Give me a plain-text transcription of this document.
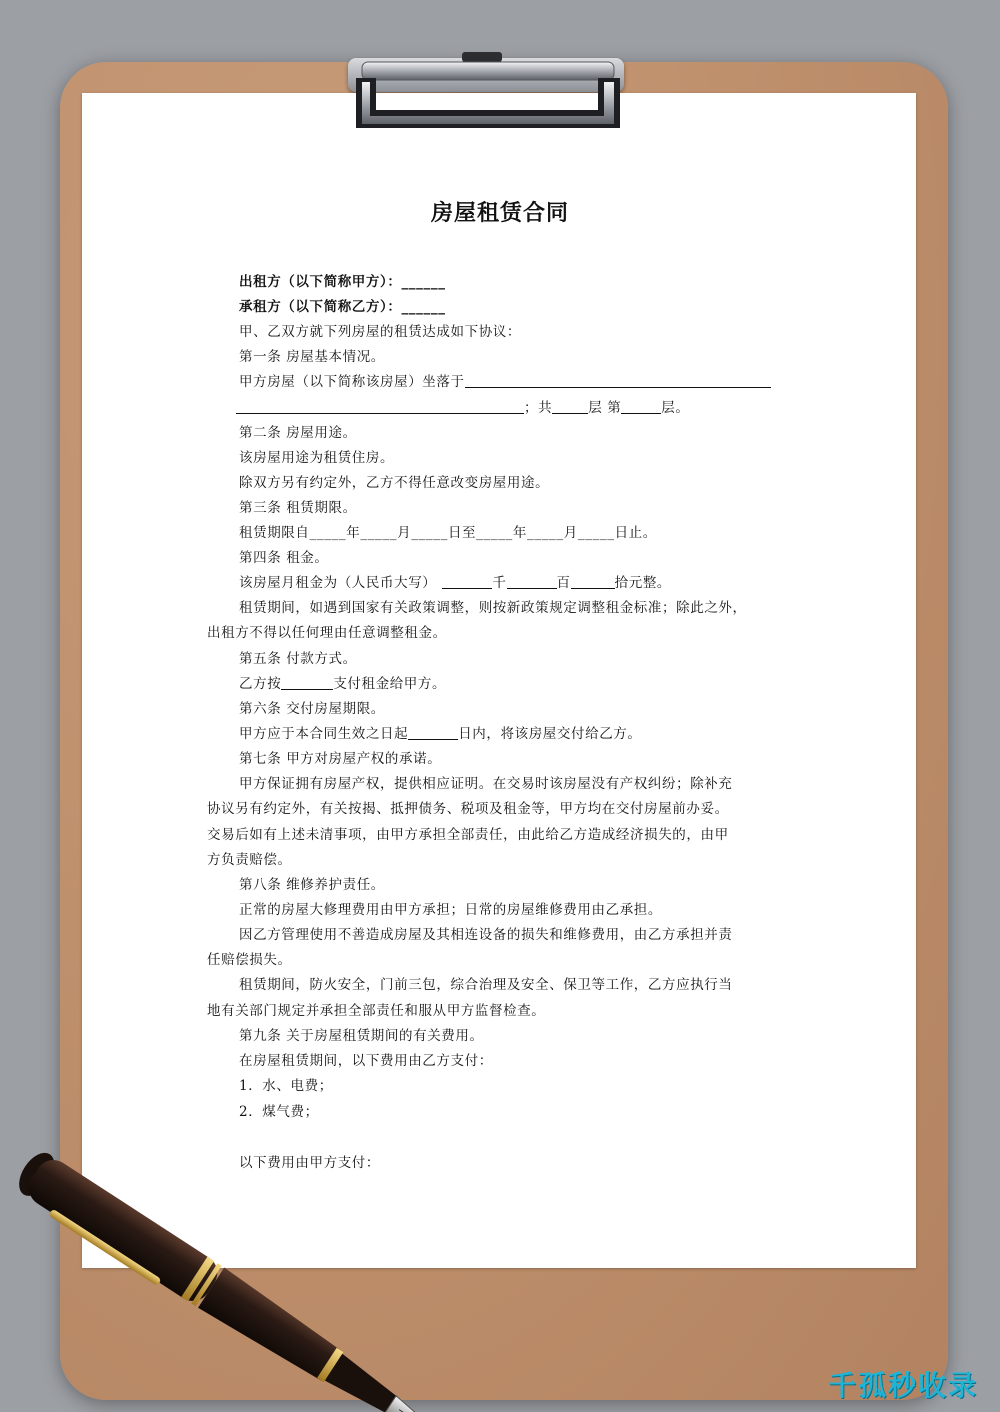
房屋租赁合同
出租方（以下简称甲方）：______
承租方（以下简称乙方）：______
甲、乙双方就下列房屋的租赁达成如下协议：
第一条 房屋基本情况。
甲方房屋（以下简称该房屋）坐落于
；共	层 第	层。
第二条 房屋用途。
该房屋用途为租赁住房。
除双方另有约定外，乙方不得任意改变房屋用途。
第三条 租赁期限。
租赁期限自_____年_____月_____日至_____年_____月_____日止。
第四条 租金。
该房屋月租金为（人民币大写）	千	百	拾元整。
租赁期间，如遇到国家有关政策调整，则按新政策规定调整租金标准；除此之外，
出租方不得以任何理由任意调整租金。
第五条 付款方式。
乙方按	支付租金给甲方。
第六条 交付房屋期限。
甲方应于本合同生效之日起	日内，将该房屋交付给乙方。
第七条 甲方对房屋产权的承诺。
甲方保证拥有房屋产权，提供相应证明。在交易时该房屋没有产权纠纷；除补充
协议另有约定外，有关按揭、抵押债务、税项及租金等，甲方均在交付房屋前办妥。
交易后如有上述未清事项，由甲方承担全部责任，由此给乙方造成经济损失的，由甲
方负责赔偿。
第八条 维修养护责任。
正常的房屋大修理费用由甲方承担；日常的房屋维修费用由乙承担。
因乙方管理使用不善造成房屋及其相连设备的损失和维修费用，由乙方承担并责
任赔偿损失。
租赁期间，防火安全，门前三包，综合治理及安全、保卫等工作，乙方应执行当
地有关部门规定并承担全部责任和服从甲方监督检查。
第九条 关于房屋租赁期间的有关费用。
在房屋租赁期间，以下费用由乙方支付：
1．水、电费；
2．煤气费；
以下费用由甲方支付：
千孤秒收录
